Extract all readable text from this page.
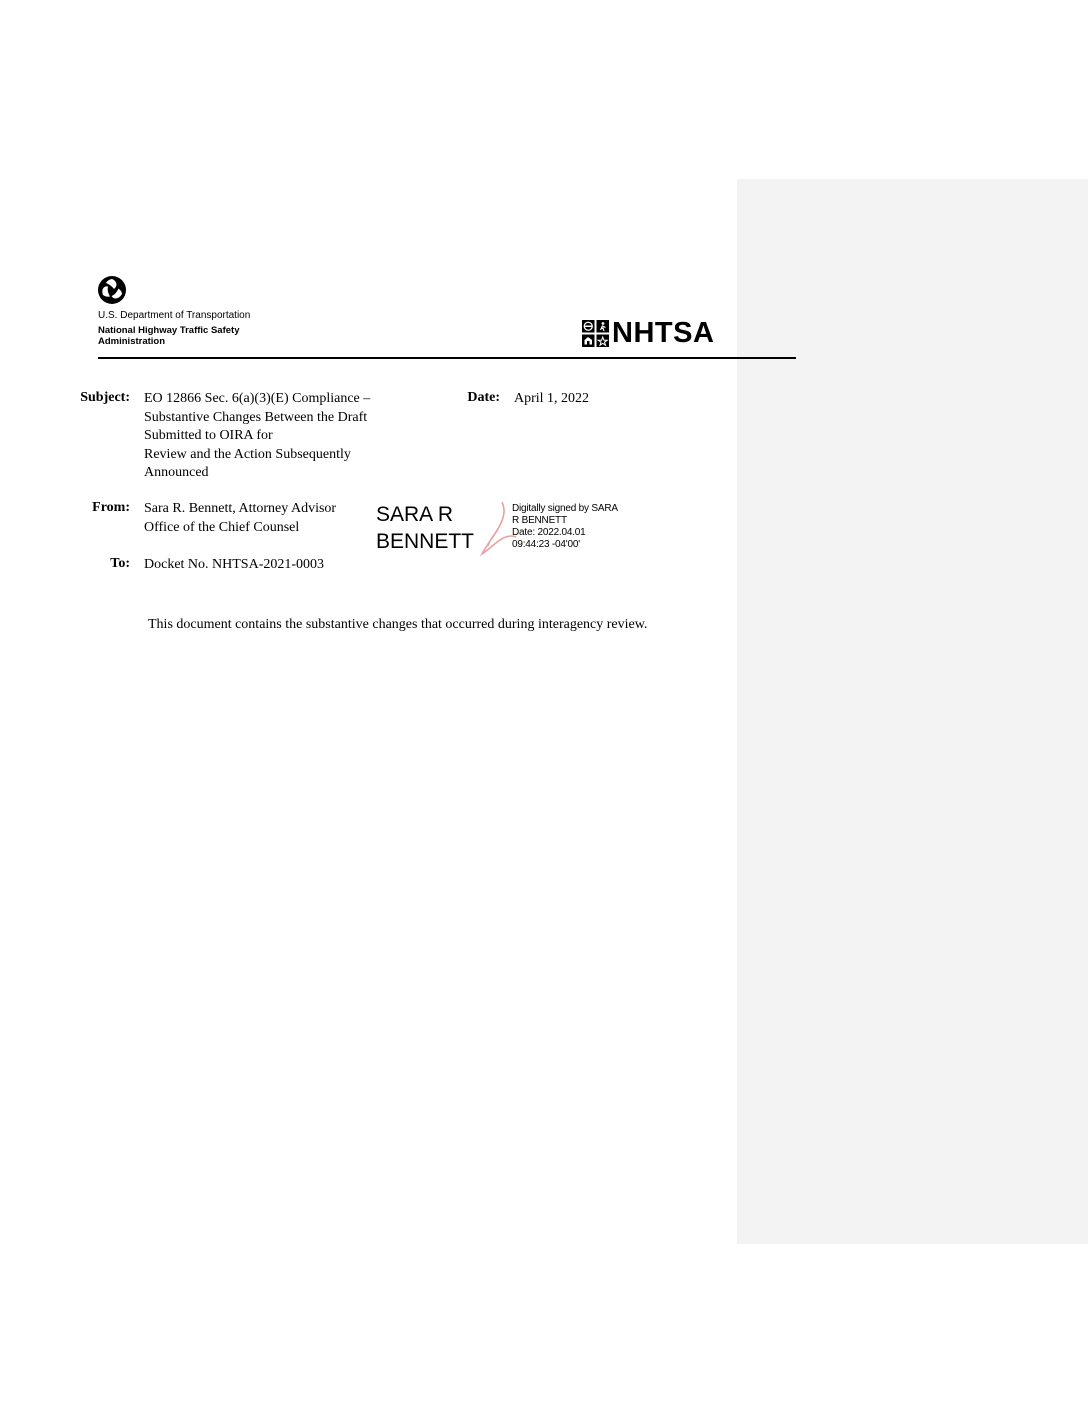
U.S. Department of Transportation
National Highway Traffic Safety
Administration	NHTSA
Subject: EO 12866 Sec. 6(a)(3)(E) Compliance –
Substantive Changes Between the Draft
Submitted to OIRA for
Review and the Action Subsequently
Announced
Date: April 1, 2022
From: Sara R. Bennett, Attorney Advisor
Office of the Chief Counsel
SARA R
BENNETT
Digitally signed by SARA
R BENNETT
Date: 2022.04.01
09:44:23 -04'00'
To: Docket No. NHTSA-2021-0003
This document contains the substantive changes that occurred during interagency review.
